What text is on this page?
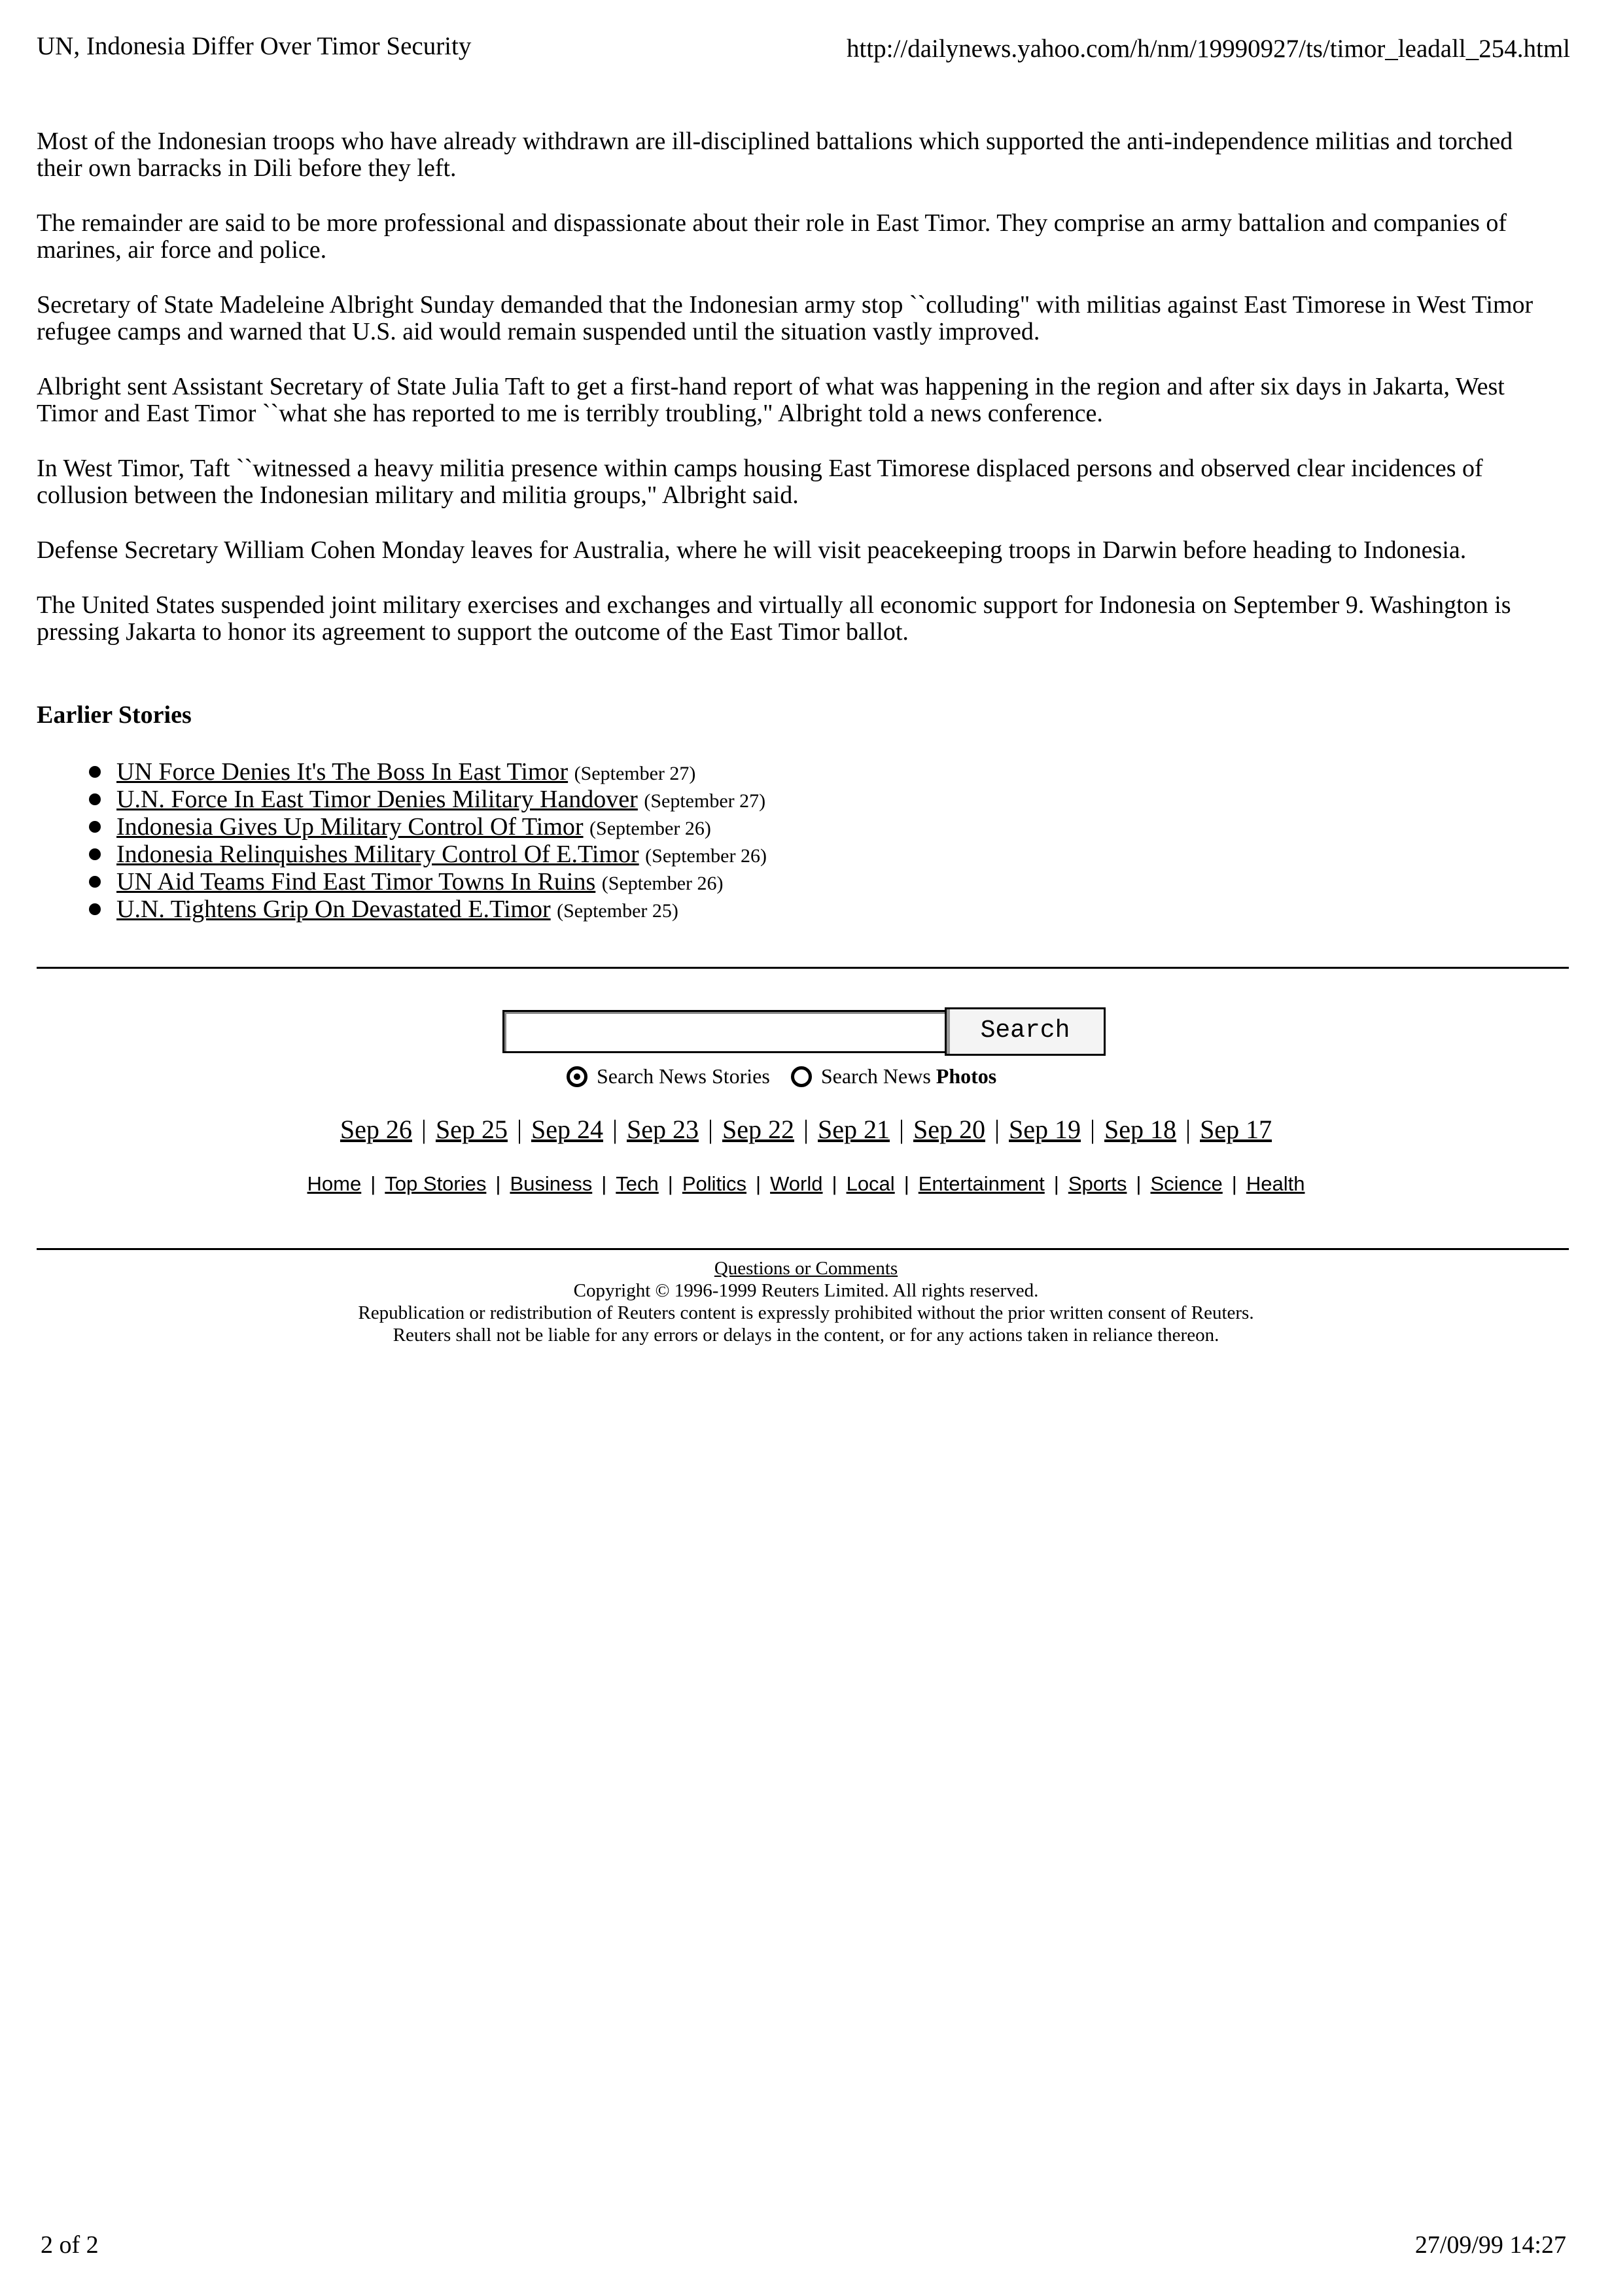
UN, Indonesia Differ Over Timor Security	http://dailynews.yahoo.com/h/nm/19990927/ts/timor_leadall_254.html

Most of the Indonesian troops who have already withdrawn are ill-disciplined battalions which supported the anti-independence militias and torched their own barracks in Dili before they left.

The remainder are said to be more professional and dispassionate about their role in East Timor. They comprise an army battalion and companies of marines, air force and police.

Secretary of State Madeleine Albright Sunday demanded that the Indonesian army stop ``colluding" with militias against East Timorese in West Timor refugee camps and warned that U.S. aid would remain suspended until the situation vastly improved.

Albright sent Assistant Secretary of State Julia Taft to get a first-hand report of what was happening in the region and after six days in Jakarta, West Timor and East Timor ``what she has reported to me is terribly troubling," Albright told a news conference.

In West Timor, Taft ``witnessed a heavy militia presence within camps housing East Timorese displaced persons and observed clear incidences of collusion between the Indonesian military and militia groups," Albright said.

Defense Secretary William Cohen Monday leaves for Australia, where he will visit peacekeeping troops in Darwin before heading to Indonesia.

The United States suspended joint military exercises and exchanges and virtually all economic support for Indonesia on September 9. Washington is pressing Jakarta to honor its agreement to support the outcome of the East Timor ballot.

Earlier Stories
UN Force Denies It's The Boss In East Timor (September 27)
U.N. Force In East Timor Denies Military Handover (September 27)
Indonesia Gives Up Military Control Of Timor (September 26)
Indonesia Relinquishes Military Control Of E.Timor (September 26)
UN Aid Teams Find East Timor Towns In Ruins (September 26)
U.N. Tightens Grip On Devastated E.Timor (September 25)
Search
Search News Stories Search News Photos
Sep 26 | Sep 25 | Sep 24 | Sep 23 | Sep 22 | Sep 21 | Sep 20 | Sep 19 | Sep 18 | Sep 17
Home | Top Stories | Business | Tech | Politics | World | Local | Entertainment | Sports | Science | Health
Questions or Comments
Copyright © 1996-1999 Reuters Limited. All rights reserved.
Republication or redistribution of Reuters content is expressly prohibited without the prior written consent of Reuters.
Reuters shall not be liable for any errors or delays in the content, or for any actions taken in reliance thereon.
2 of 2	27/09/99 14:27
